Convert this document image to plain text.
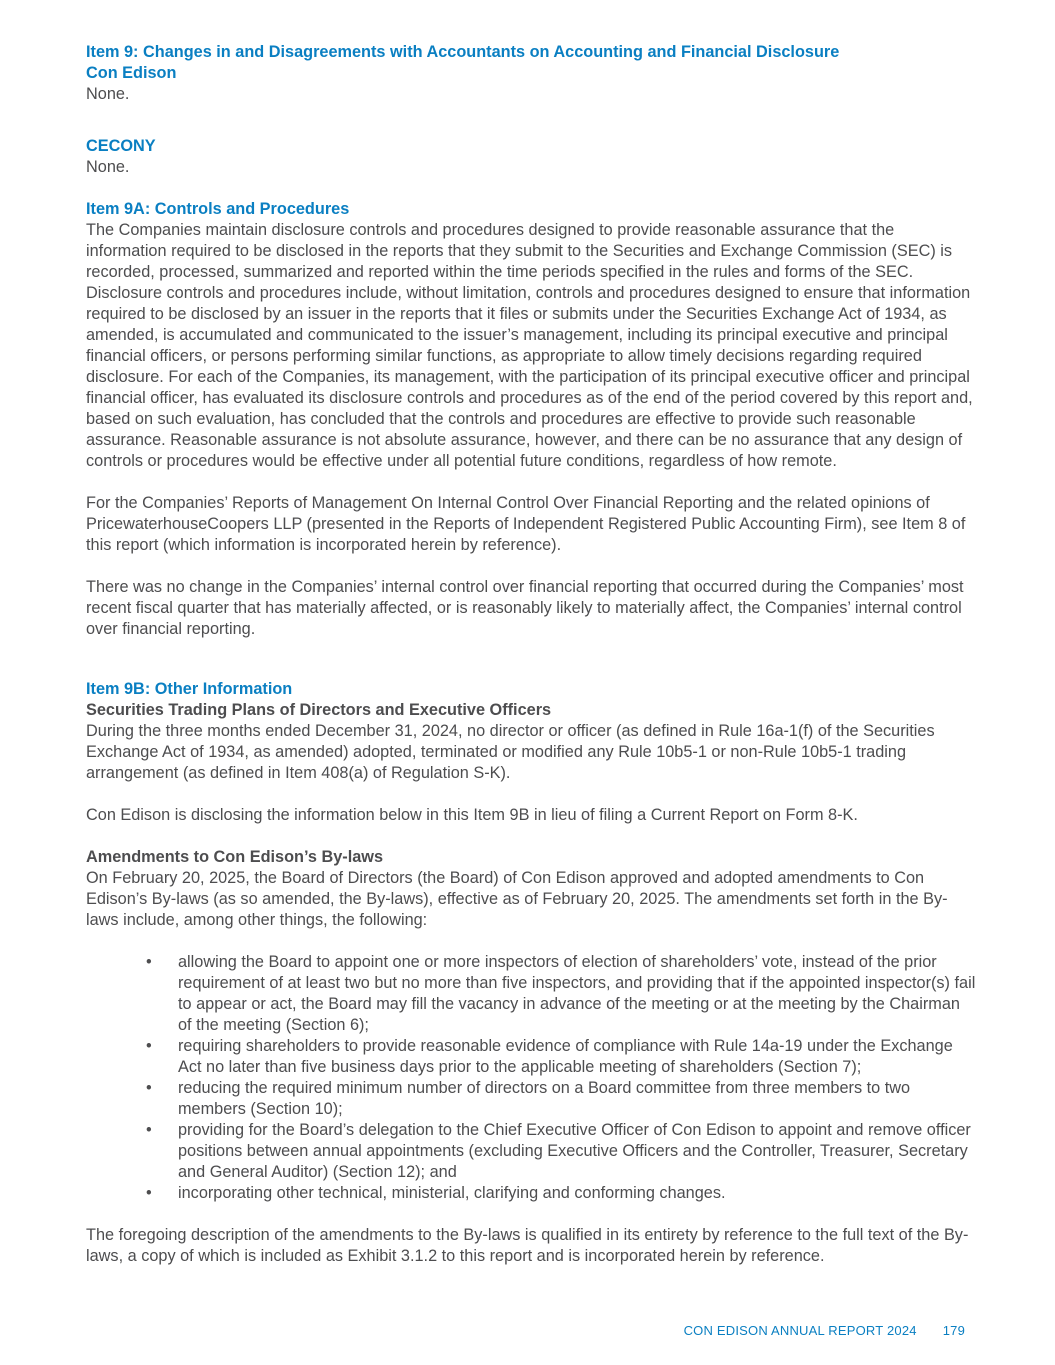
Item 9: Changes in and Disagreements with Accountants on Accounting and Financial Disclosure

Con Edison

None.

CECONY

None.

Item 9A: Controls and Procedures

The Companies maintain disclosure controls and procedures designed to provide reasonable assurance that the information required to be disclosed in the reports that they submit to the Securities and Exchange Commission (SEC) is recorded, processed, summarized and reported within the time periods specified in the rules and forms of the SEC. Disclosure controls and procedures include, without limitation, controls and procedures designed to ensure that information required to be disclosed by an issuer in the reports that it files or submits under the Securities Exchange Act of 1934, as amended, is accumulated and communicated to the issuer’s management, including its principal executive and principal financial officers, or persons performing similar functions, as appropriate to allow timely decisions regarding required disclosure. For each of the Companies, its management, with the participation of its principal executive officer and principal financial officer, has evaluated its disclosure controls and procedures as of the end of the period covered by this report and, based on such evaluation, has concluded that the controls and procedures are effective to provide such reasonable assurance. Reasonable assurance is not absolute assurance, however, and there can be no assurance that any design of controls or procedures would be effective under all potential future conditions, regardless of how remote.

For the Companies’ Reports of Management On Internal Control Over Financial Reporting and the related opinions of PricewaterhouseCoopers LLP (presented in the Reports of Independent Registered Public Accounting Firm), see Item 8 of this report (which information is incorporated herein by reference).

There was no change in the Companies’ internal control over financial reporting that occurred during the Companies’ most recent fiscal quarter that has materially affected, or is reasonably likely to materially affect, the Companies’ internal control over financial reporting.

Item 9B: Other Information

Securities Trading Plans of Directors and Executive Officers

During the three months ended December 31, 2024, no director or officer (as defined in Rule 16a-1(f) of the Securities Exchange Act of 1934, as amended) adopted, terminated or modified any Rule 10b5-1 or non-Rule 10b5-1 trading arrangement (as defined in Item 408(a) of Regulation S-K).

Con Edison is disclosing the information below in this Item 9B in lieu of filing a Current Report on Form 8-K.

Amendments to Con Edison’s By-laws

On February 20, 2025, the Board of Directors (the Board) of Con Edison approved and adopted amendments to Con Edison’s By-laws (as so amended, the By-laws), effective as of February 20, 2025. The amendments set forth in the By-laws include, among other things, the following:

• allowing the Board to appoint one or more inspectors of election of shareholders’ vote, instead of the prior requirement of at least two but no more than five inspectors, and providing that if the appointed inspector(s) fail to appear or act, the Board may fill the vacancy in advance of the meeting or at the meeting by the Chairman of the meeting (Section 6);
• requiring shareholders to provide reasonable evidence of compliance with Rule 14a-19 under the Exchange Act no later than five business days prior to the applicable meeting of shareholders (Section 7);
• reducing the required minimum number of directors on a Board committee from three members to two members (Section 10);
• providing for the Board’s delegation to the Chief Executive Officer of Con Edison to appoint and remove officer positions between annual appointments (excluding Executive Officers and the Controller, Treasurer, Secretary and General Auditor) (Section 12); and
• incorporating other technical, ministerial, clarifying and conforming changes.

The foregoing description of the amendments to the By-laws is qualified in its entirety by reference to the full text of the By-laws, a copy of which is included as Exhibit 3.1.2 to this report and is incorporated herein by reference.

CON EDISON ANNUAL REPORT 2024 179
